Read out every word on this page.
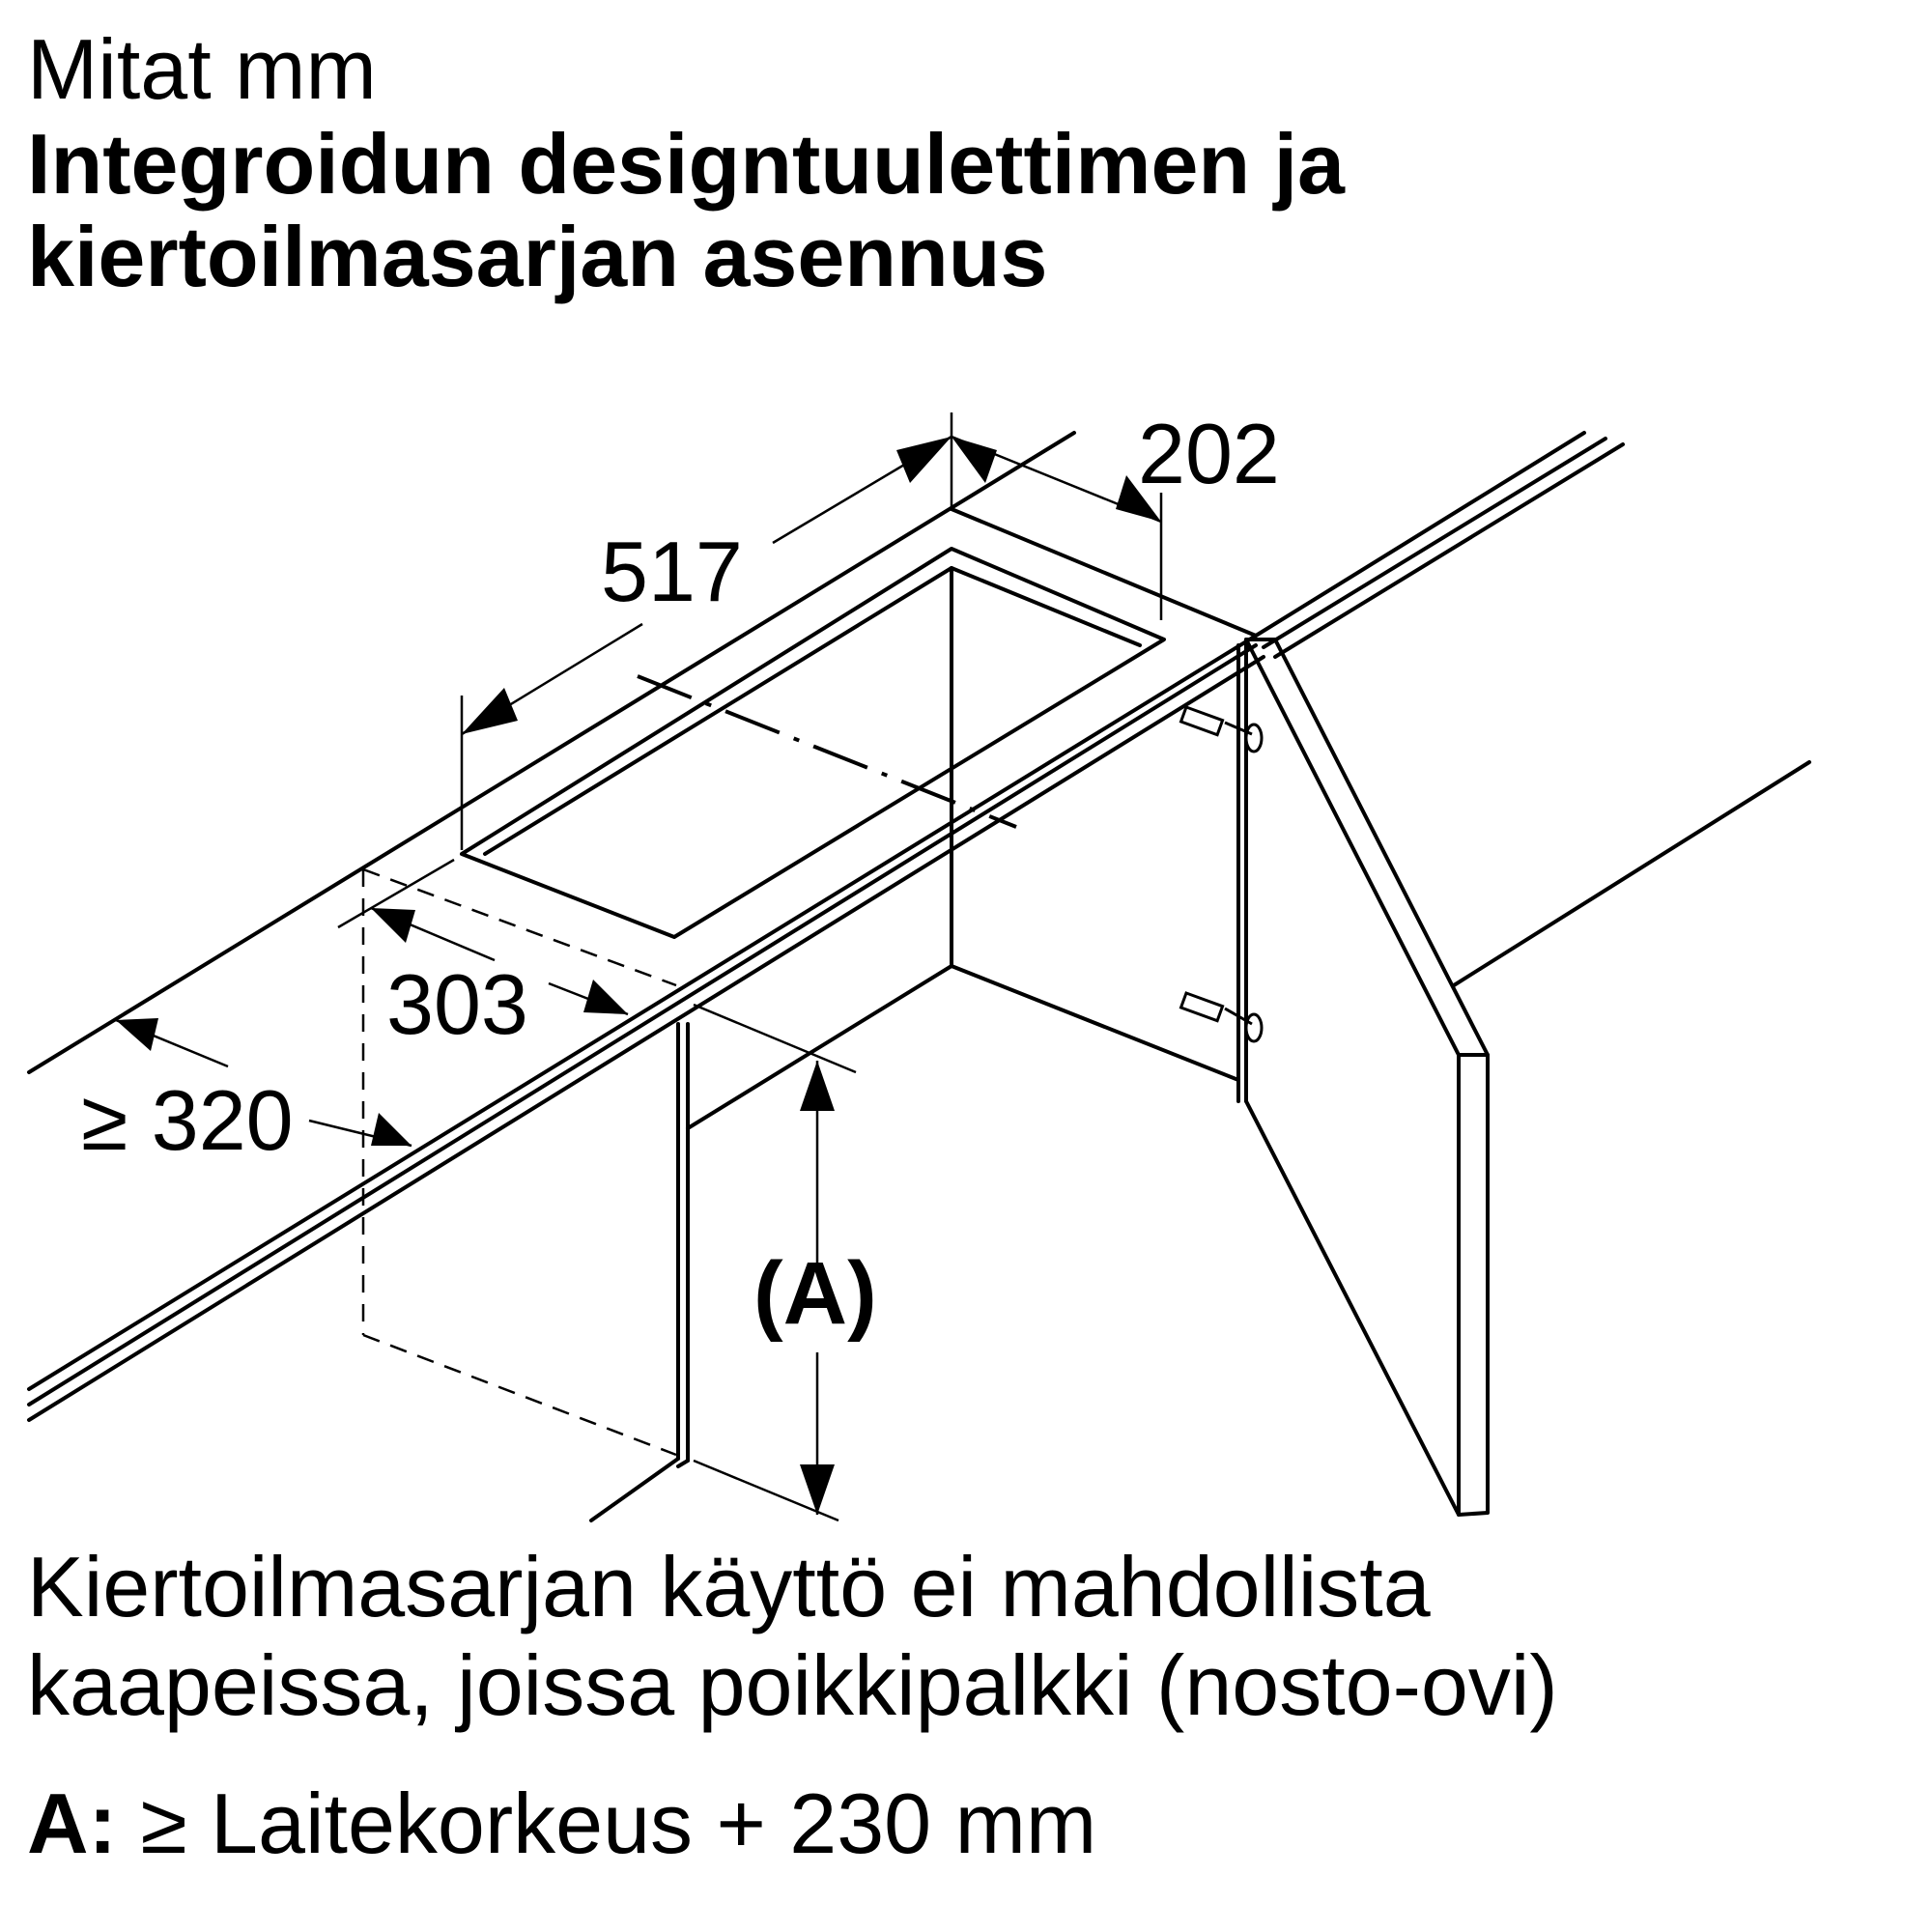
Mitat mm
Integroidun designtuulettimen ja
kiertoilmasarjan asennus
202
517
303
≥ 320
(A)

Kiertoilmasarjan käyttö ei mahdollista
kaapeissa, joissa poikkipalkki (nosto-ovi)

A: ≥ Laitekorkeus + 230 mm
